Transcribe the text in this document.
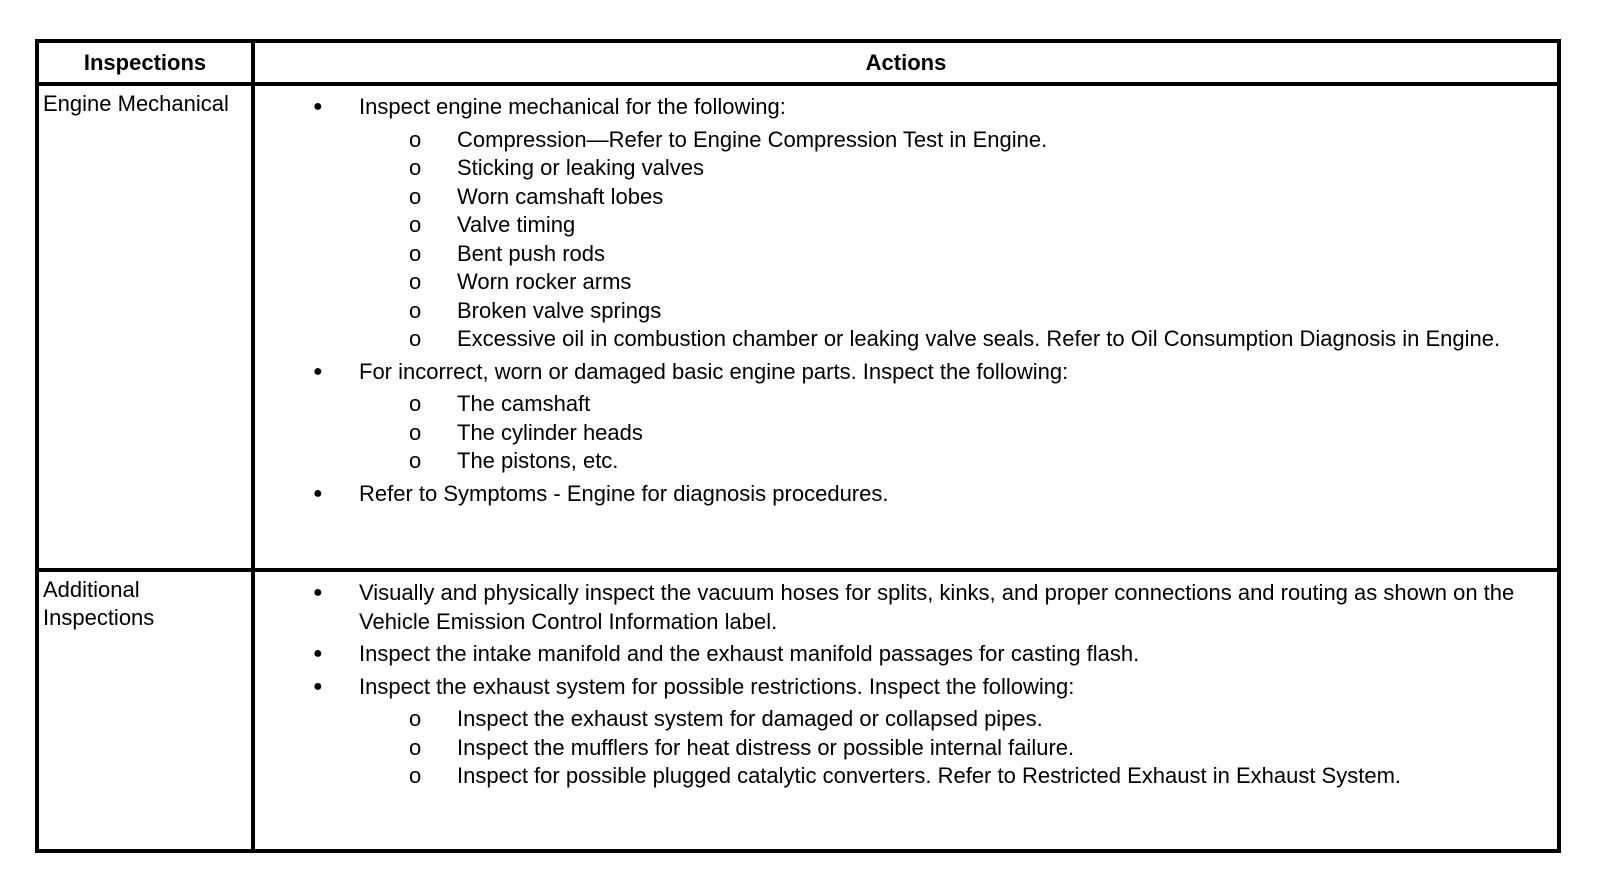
Inspections	Actions
Engine Mechanical	● Inspect engine mechanical for the following:
o Compression—Refer to Engine Compression Test in Engine.
o Sticking or leaking valves
o Worn camshaft lobes
o Valve timing
o Bent push rods
o Worn rocker arms
o Broken valve springs
o Excessive oil in combustion chamber or leaking valve seals. Refer to Oil Consumption Diagnosis in Engine.
● For incorrect, worn or damaged basic engine parts. Inspect the following:
o The camshaft
o The cylinder heads
o The pistons, etc.
● Refer to Symptoms - Engine for diagnosis procedures.
Additional Inspections
● Visually and physically inspect the vacuum hoses for splits, kinks, and proper connections and routing as shown on the Vehicle Emission Control Information label.
● Inspect the intake manifold and the exhaust manifold passages for casting flash.
● Inspect the exhaust system for possible restrictions. Inspect the following:
o Inspect the exhaust system for damaged or collapsed pipes.
o Inspect the mufflers for heat distress or possible internal failure.
o Inspect for possible plugged catalytic converters. Refer to Restricted Exhaust in Exhaust System.
